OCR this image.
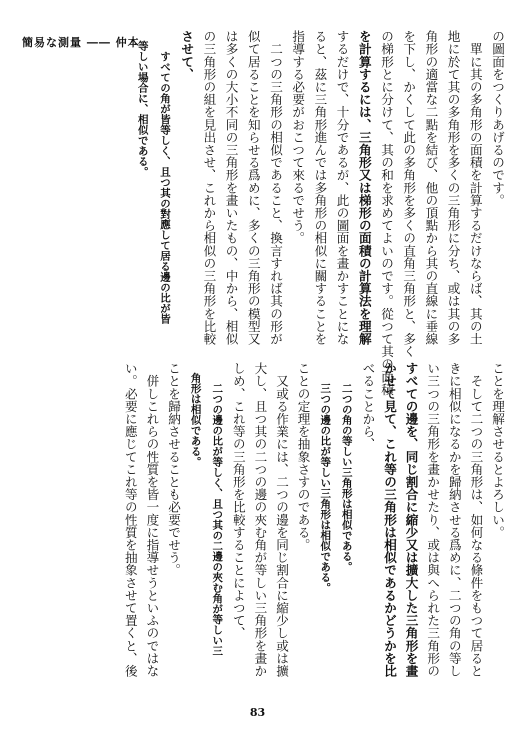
簡易な測量 ―― 仲本	の圖面をつくりあげるのです。
　單に其の多角形の面積を計算するだけならば、其の土
地に於て其の多角形を多くの三角形に分ち、或は其の多
角形の適當な二點を結び、他の頂點から其の直線に垂線
を下し、かくして此の多角形を多くの直角三角形と、多く
の梯形とに分けて、其の和を求めてよいのです。從つて其の面積
を計算するには、三角形又は梯形の面積の計算法を理解
するだけで、十分であるが、此の圖面を畫かすことにな
ると、茲に三角形進んでは多角形の相似に關することを
指導する必要がおこつて來るでせう。
　二つの三角形の相似であること、換言すれば其の形が
似て居ることを知らせる爲めに、多くの三角形の模型又
は多くの大小不同の三角形を畫いたもの、中から、相似
の三角形の組を見出させ、これから相似の三角形を比較
させて、
　　すべての角が皆等しく、且つ其の對應して居る邊の比が皆
　等しい場合に、相似である。
ことを理解させるとよろしい。
　そして二つの三角形は、如何なる條件をもつて居ると
きに相似になるかを歸納させる爲めに、二つの角の等し
い三つの三角形を畫かせたり、或は與へられた三角形の
すべての邊を、同じ割合に縮少又は擴大した三角形を畫
かせて見て、これ等の三角形は相似であるかどうかを比
べることから、
　　二つの角の等しい三角形は相似である。
　　三つの邊の比が等しい三角形は相似である。
ことの定理を抽象さすのである。
　又或る作業には、二つの邊を同じ割合に縮少し或は擴
大し、且つ其の二つの邊の夾む角が等しい三角形を畫か
しめ、これ等の三角形を比較することによつて、
　　二つの邊の比が等しく、且つ其の二邊の夾む角が等しい三
　角形は相似である。
ことを歸納させることも必要でせう。
　併しこれらの性質を皆一度に指導せうといふのではな
い。必要に應じてこれ等の性質を抽象させて置くと、後
83
